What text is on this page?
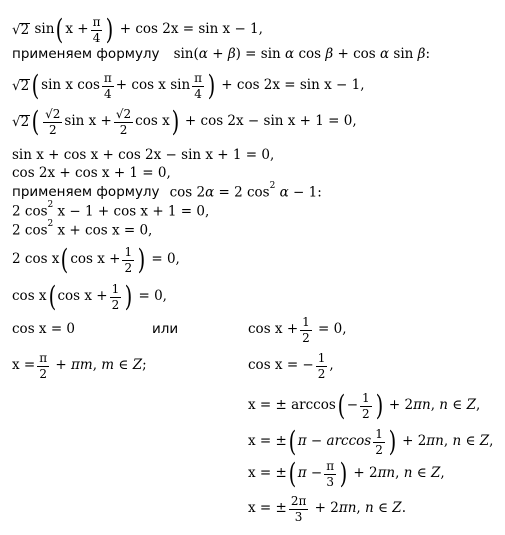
√ 2 sin ( $x + \frac{\pi}{4}$ ) + cos 2x = sin x − 1,
применяем формулу sin(α + β) = sin α cos β + cos α sin β:
√ 2 ( sin x $\cos \frac{\pi}{4} + \cos x$ $\sin \frac{\pi}{4}$ ) + cos 2x = sin x − 1,
√ 2 ( $\frac{√2}{2}$ $\sin x + \frac{√2}{2}$ cos x ) + cos 2x − sin x + 1 = 0,
sin x + cos x + cos 2x − sin x + 1 = 0,
cos 2x + cos x + 1 = 0,
применяем формулу cos 2α = 2 $\cos^2 \alpha - 1$:
2 $\cos^2 x - 1 + \cos x + 1 = 0$,
2 $\cos^2 x + \cos x = 0$,
2 cos x ( $\cos x + \frac{1}{2}$ ) = 0,
cos x ( $\cos x + \frac{1}{2}$ ) = 0,
cos x = 0	или	$\cos x + \frac{1}{2} = 0$,
$x = \frac{\pi}{2} + \pi m$, m ∈ Z;	cos x = − $\frac{1}{2}$ ,
x = ± arccos ( − $\frac{1}{2}$ ) + 2πn, n ∈ Z,
x = ± ( $\pi - \arccos \frac{1}{2}$ ) + 2πn, n ∈ Z,
x = ± ( $\pi - \frac{\pi}{3}$ ) + 2πn, n ∈ Z,
x = ± $\frac{2\pi}{3} + 2\pi n$, n ∈ Z.
